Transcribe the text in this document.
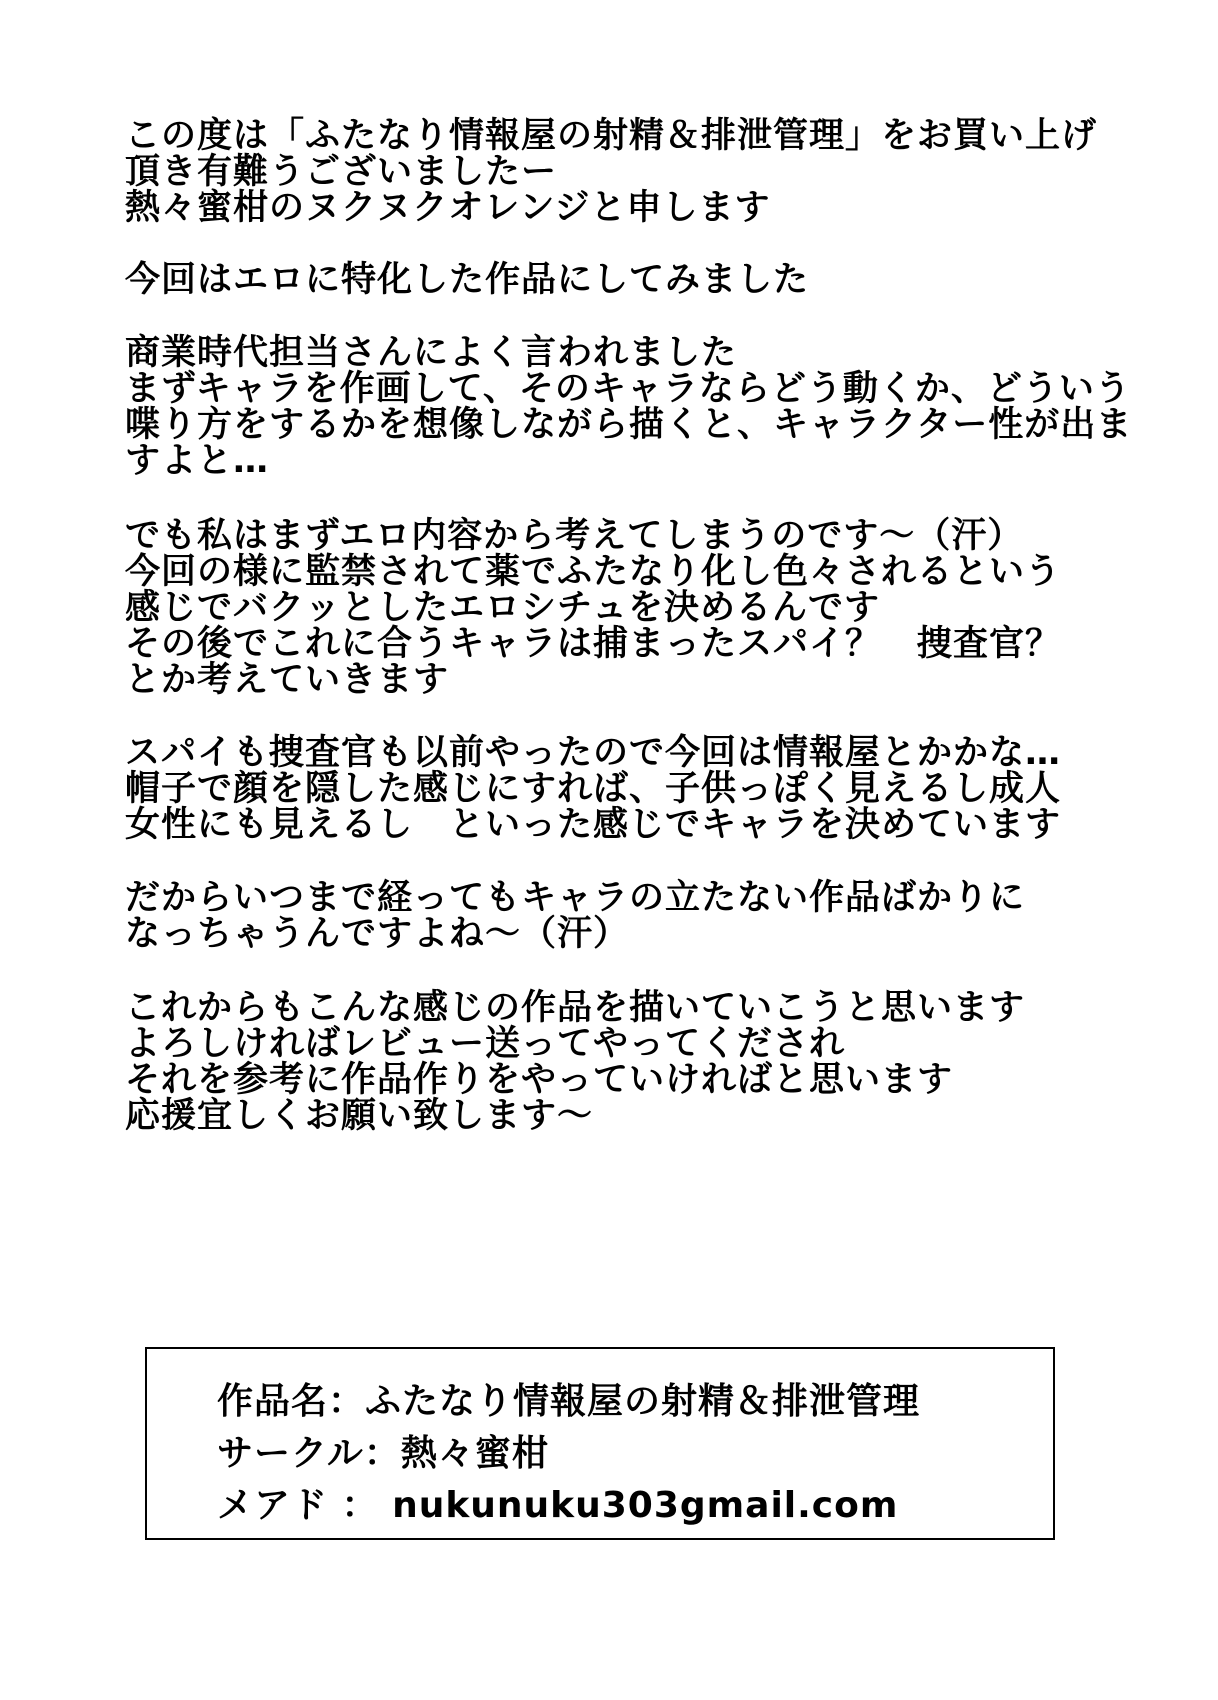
この度は「ふたなり情報屋の射精＆排泄管理」をお買い上げ
頂き有難うございましたー
熱々蜜柑のヌクヌクオレンジと申します

今回はエロに特化した作品にしてみました

商業時代担当さんによく言われました
まずキャラを作画して、そのキャラならどう動くか、どういう
喋り方をするかを想像しながら描くと、キャラクター性が出ま
すよと…

でも私はまずエロ内容から考えてしまうのです～（汗）
今回の様に監禁されて薬でふたなり化し色々されるという
感じでバクッとしたエロシチュを決めるんです
その後でこれに合うキャラは捕まったスパイ？　捜査官？
とか考えていきます

スパイも捜査官も以前やったので今回は情報屋とかかな…
帽子で顔を隠した感じにすれば、子供っぽく見えるし成人
女性にも見えるし　といった感じでキャラを決めています

だからいつまで経ってもキャラの立たない作品ばかりに
なっちゃうんですよね～（汗）

これからもこんな感じの作品を描いていこうと思います
よろしければレビュー送ってやってくだされ
それを参考に作品作りをやっていければと思います
応援宜しくお願い致します～

作品名：ふたなり情報屋の射精＆排泄管理
サークル：熱々蜜柑
メアド ： nukunuku303gmail.com
